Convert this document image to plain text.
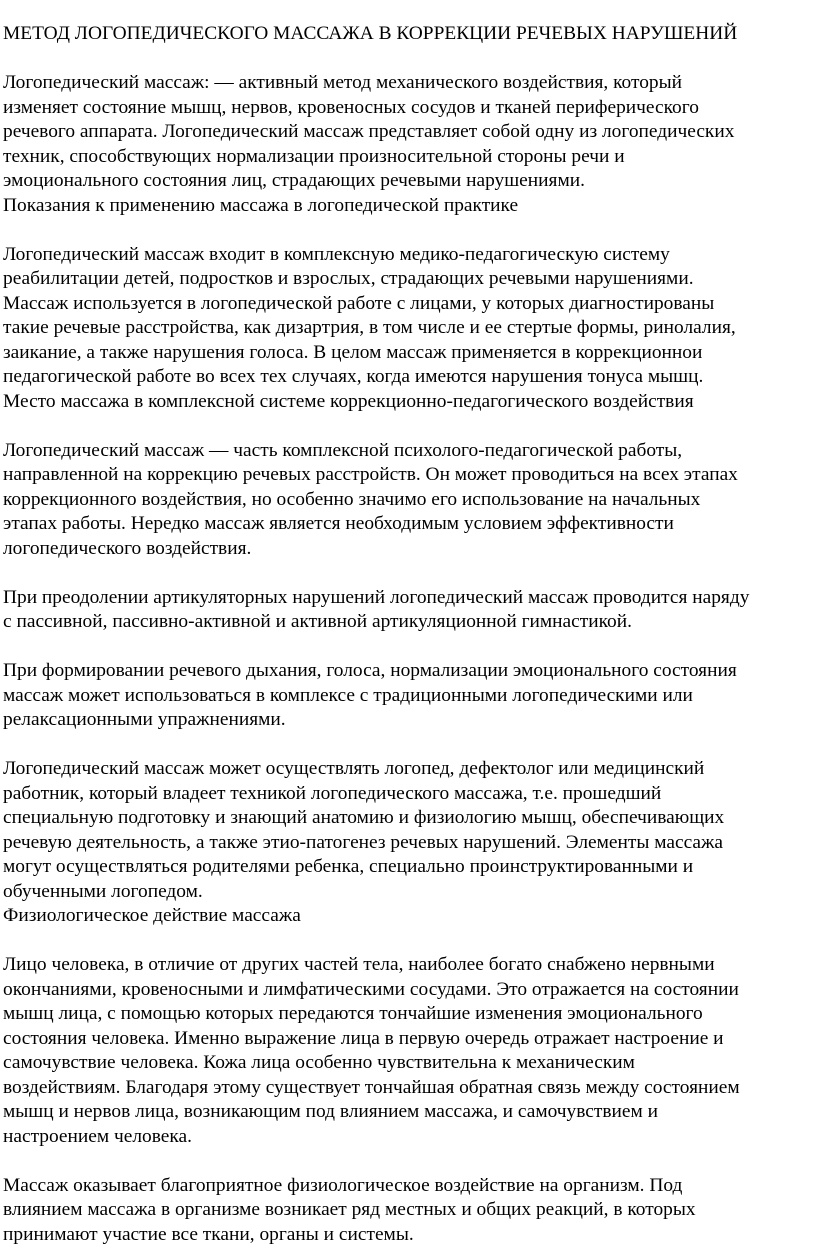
МЕТОД ЛОГОПЕДИЧЕСКОГО МАССАЖА В КОРРЕКЦИИ РЕЧЕВЫХ НАРУШЕНИЙ
Логопедический массаж: — активный метод механического воздействия, который
изменяет состояние мышц, нервов, кровеносных сосудов и тканей периферического
речевого аппарата. Логопедический массаж представляет собой одну из логопедических
техник, способствующих нормализации произносительной стороны речи и
эмоционального состояния лиц, страдающих речевыми нарушениями.
Показания к применению массажа в логопедической практике
Логопедический массаж входит в комплексную медико-педагогическую систему
реабилитации детей, подростков и взрослых, страдающих речевыми нарушениями.
Массаж используется в логопедической работе с лицами, у которых диагностированы
такие речевые расстройства, как дизартрия, в том числе и ее стертые формы, ринолалия,
заикание, а также нарушения голоса. В целом массаж применяется в коррекционнои
педагогической работе во всех тех случаях, когда имеются нарушения тонуса мышц.
Место массажа в комплексной системе коррекционно-педагогического воздействия
Логопедический массаж — часть комплексной психолого-педагогической работы,
направленной на коррекцию речевых расстройств. Он может проводиться на всех этапах
коррекционного воздействия, но особенно значимо его использование на начальных
этапах работы. Нередко массаж является необходимым условием эффективности
логопедического воздействия.
При преодолении артикуляторных нарушений логопедический массаж проводится наряду
с пассивной, пассивно-активной и активной артикуляционной гимнастикой.
При формировании речевого дыхания, голоса, нормализации эмоционального состояния
массаж может использоваться в комплексе с традиционными логопедическими или
релаксационными упражнениями.
Логопедический массаж может осуществлять логопед, дефектолог или медицинский
работник, который владеет техникой логопедического массажа, т.е. прошедший
специальную подготовку и знающий анатомию и физиологию мышц, обеспечивающих
речевую деятельность, а также этио-патогенез речевых нарушений. Элементы массажа
могут осуществляться родителями ребенка, специально проинструктированными и
обученными логопедом.
Физиологическое действие массажа
Лицо человека, в отличие от других частей тела, наиболее богато снабжено нервными
окончаниями, кровеносными и лимфатическими сосудами. Это отражается на состоянии
мышц лица, с помощью которых передаются тончайшие изменения эмоционального
состояния человека. Именно выражение лица в первую очередь отражает настроение и
самочувствие человека. Кожа лица особенно чувствительна к механическим
воздействиям. Благодаря этому существует тончайшая обратная связь между состоянием
мышц и нервов лица, возникающим под влиянием массажа, и самочувствием и
настроением человека.
Массаж оказывает благоприятное физиологическое воздействие на организм. Под
влиянием массажа в организме возникает ряд местных и общих реакций, в которых
принимают участие все ткани, органы и системы.
